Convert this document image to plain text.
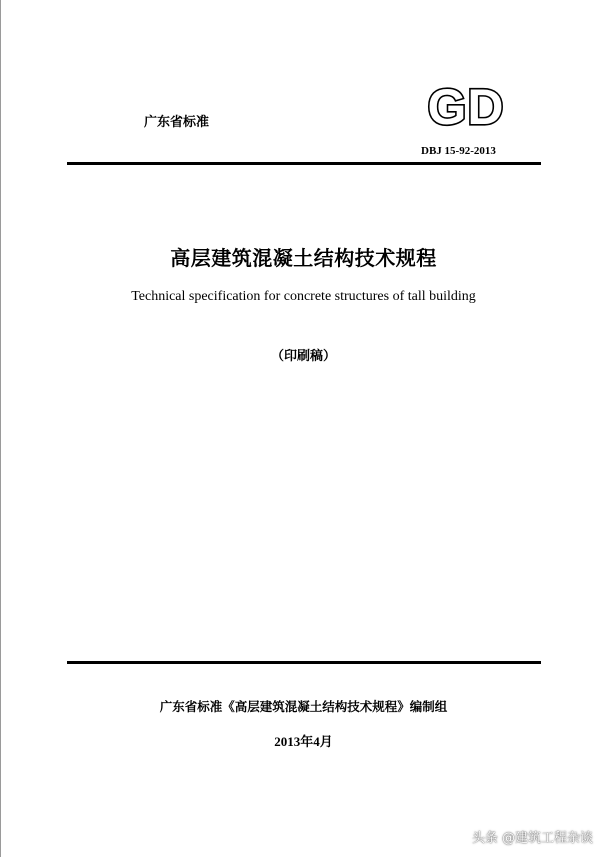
广东省标准	GD
DBJ 15-92-2013
高层建筑混凝土结构技术规程
Technical specification for concrete structures of tall building
（印刷稿）
广东省标准《高层建筑混凝土结构技术规程》编制组
2013年4月
头条 @建筑工程杂谈
